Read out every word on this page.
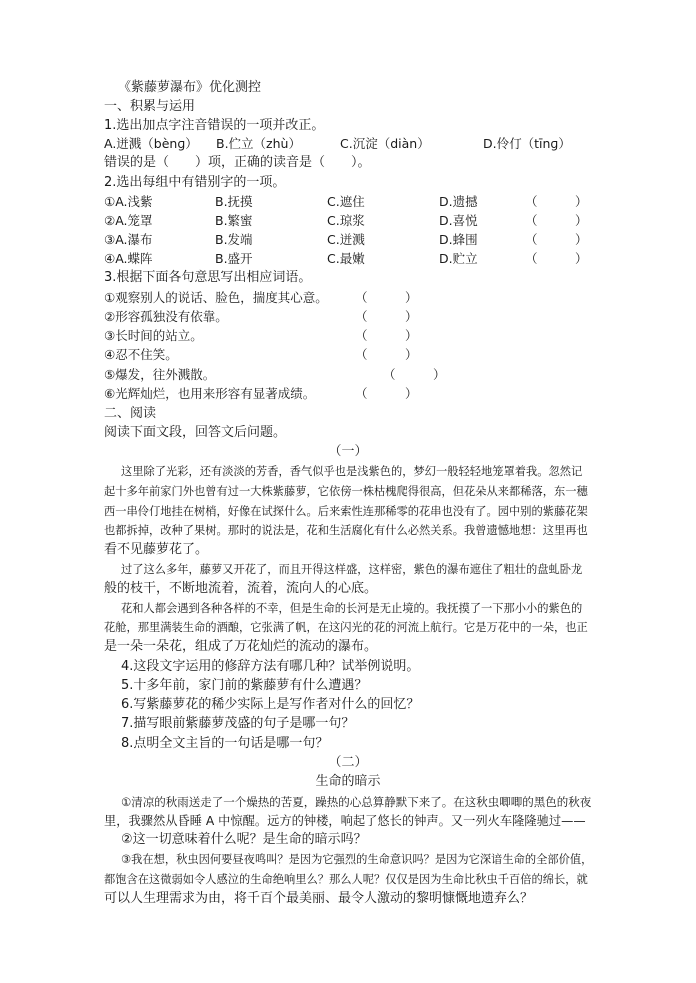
《紫藤萝瀑布》优化测控
一、积累与运用
1.选出加点字注音错误的一项并改正。
A.迸溅（bènɡ） B.伫立（zhù）	C.沉淀（diàn）	D.伶仃（tīnɡ）
错误的是（　　）项，正确的读音是（　　）。
2.选出每组中有错别字的一项。
①A.浅紫	B.抚摸	C.遮住	D.遗撼	（　　　）
②A.笼罩	B.繁蜜	C.琼浆	D.喜悦	（　　　）
③A.瀑布	B.发端	C.迸溅	D.蜂围	（　　　）
④A.蝶阵	B.盛开	C.最嫩	D.贮立	（　　　）
3.根据下面各句意思写出相应词语。
①观察别人的说话、脸色，揣度其心意。 （　　　）
②形容孤独没有依靠。	（　　　）
③长时间的站立。	（　　　）
④忍不住笑。	（　　　）
⑤爆发，往外溅散。	（　　　）
⑥光辉灿烂，也用来形容有显著成绩。	（　　　）
二、阅读
阅读下面文段，回答文后问题。
（一）
这里除了光彩，还有淡淡的芳香，香气似乎也是浅紫色的，梦幻一般轻轻地笼罩着我。忽然记
起十多年前家门外也曾有过一大株紫藤萝，它依傍一株枯槐爬得很高，但花朵从来都稀落，东一穗
西一串伶仃地挂在树梢，好像在试探什么。后来索性连那稀零的花串也没有了。园中别的紫藤花架
也都拆掉，改种了果树。那时的说法是，花和生活腐化有什么必然关系。我曾遗憾地想：这里再也
看不见藤萝花了。
过了这么多年，藤萝又开花了，而且开得这样盛，这样密，紫色的瀑布遮住了粗壮的盘虬卧龙
般的枝干，不断地流着，流着，流向人的心底。
花和人都会遇到各种各样的不幸，但是生命的长河是无止境的。我抚摸了一下那小小的紫色的
花舱，那里满装生命的酒酿，它张满了帆，在这闪光的花的河流上航行。它是万花中的一朵，也正
是一朵一朵花，组成了万花灿烂的流动的瀑布。
4.这段文字运用的修辞方法有哪几种？试举例说明。
5.十多年前，家门前的紫藤萝有什么遭遇？
6.写紫藤萝花的稀少实际上是写作者对什么的回忆？
7.描写眼前紫藤萝茂盛的句子是哪一句？
8.点明全文主旨的一句话是哪一句？
（二）
生命的暗示
①清凉的秋雨送走了一个燥热的苦夏，躁热的心总算静默下来了。在这秋虫唧唧的黑色的秋夜
里，我骤然从昏睡 A 中惊醒。远方的钟楼，响起了悠长的钟声。又一列火车隆隆驰过——
②这一切意味着什么呢？是生命的暗示吗？
③我在想，秋虫因何要昼夜鸣叫？是因为它强烈的生命意识吗？是因为它深谙生命的全部价值，
都饱含在这微弱如令人感泣的生命绝响里么？那么人呢？仅仅是因为生命比秋虫千百倍的绵长，就
可以人生理需求为由，将千百个最美丽、最令人激动的黎明慷慨地遗弃么？
